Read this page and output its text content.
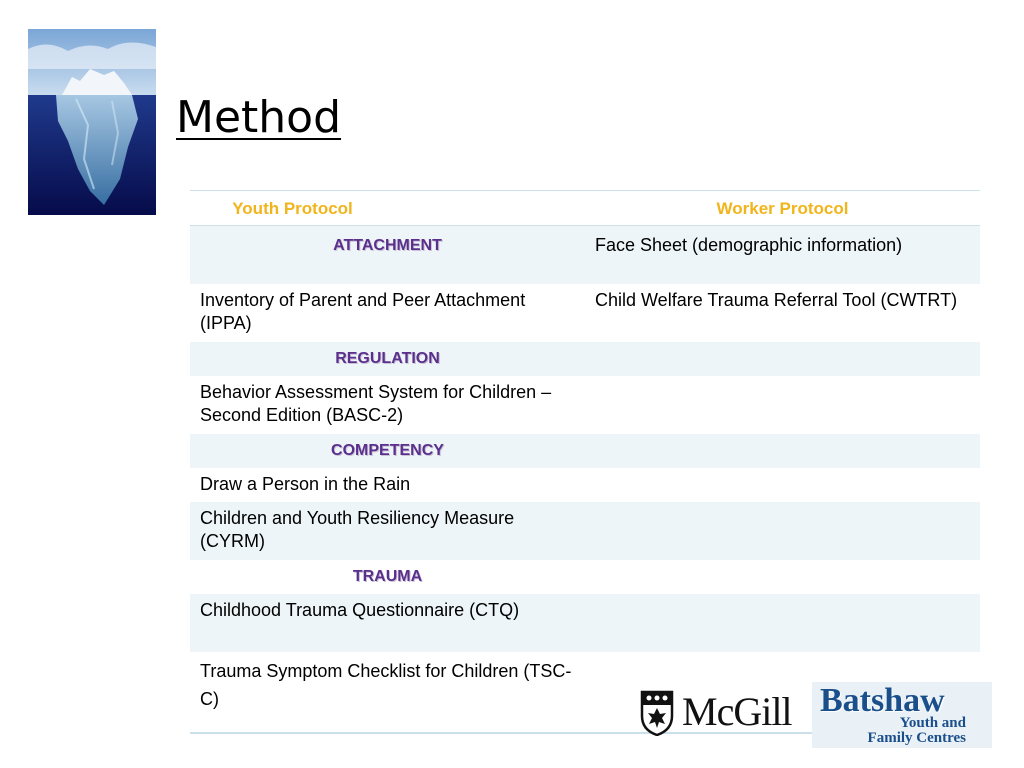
Method
Youth Protocol	Worker Protocol
ATTACHMENT	Face Sheet (demographic information)
Inventory of Parent and Peer Attachment (IPPA)	Child Welfare Trauma Referral Tool (CWTRT)
REGULATION	
Behavior Assessment System for Children – Second Edition (BASC-2)	
COMPETENCY	
Draw a Person in the Rain	
Children and Youth Resiliency Measure (CYRM)	
TRAUMA	
Childhood Trauma Questionnaire (CTQ)	
Trauma Symptom Checklist for Children (TSC-C)		McGill Batshaw
Youth and
Family Centres
